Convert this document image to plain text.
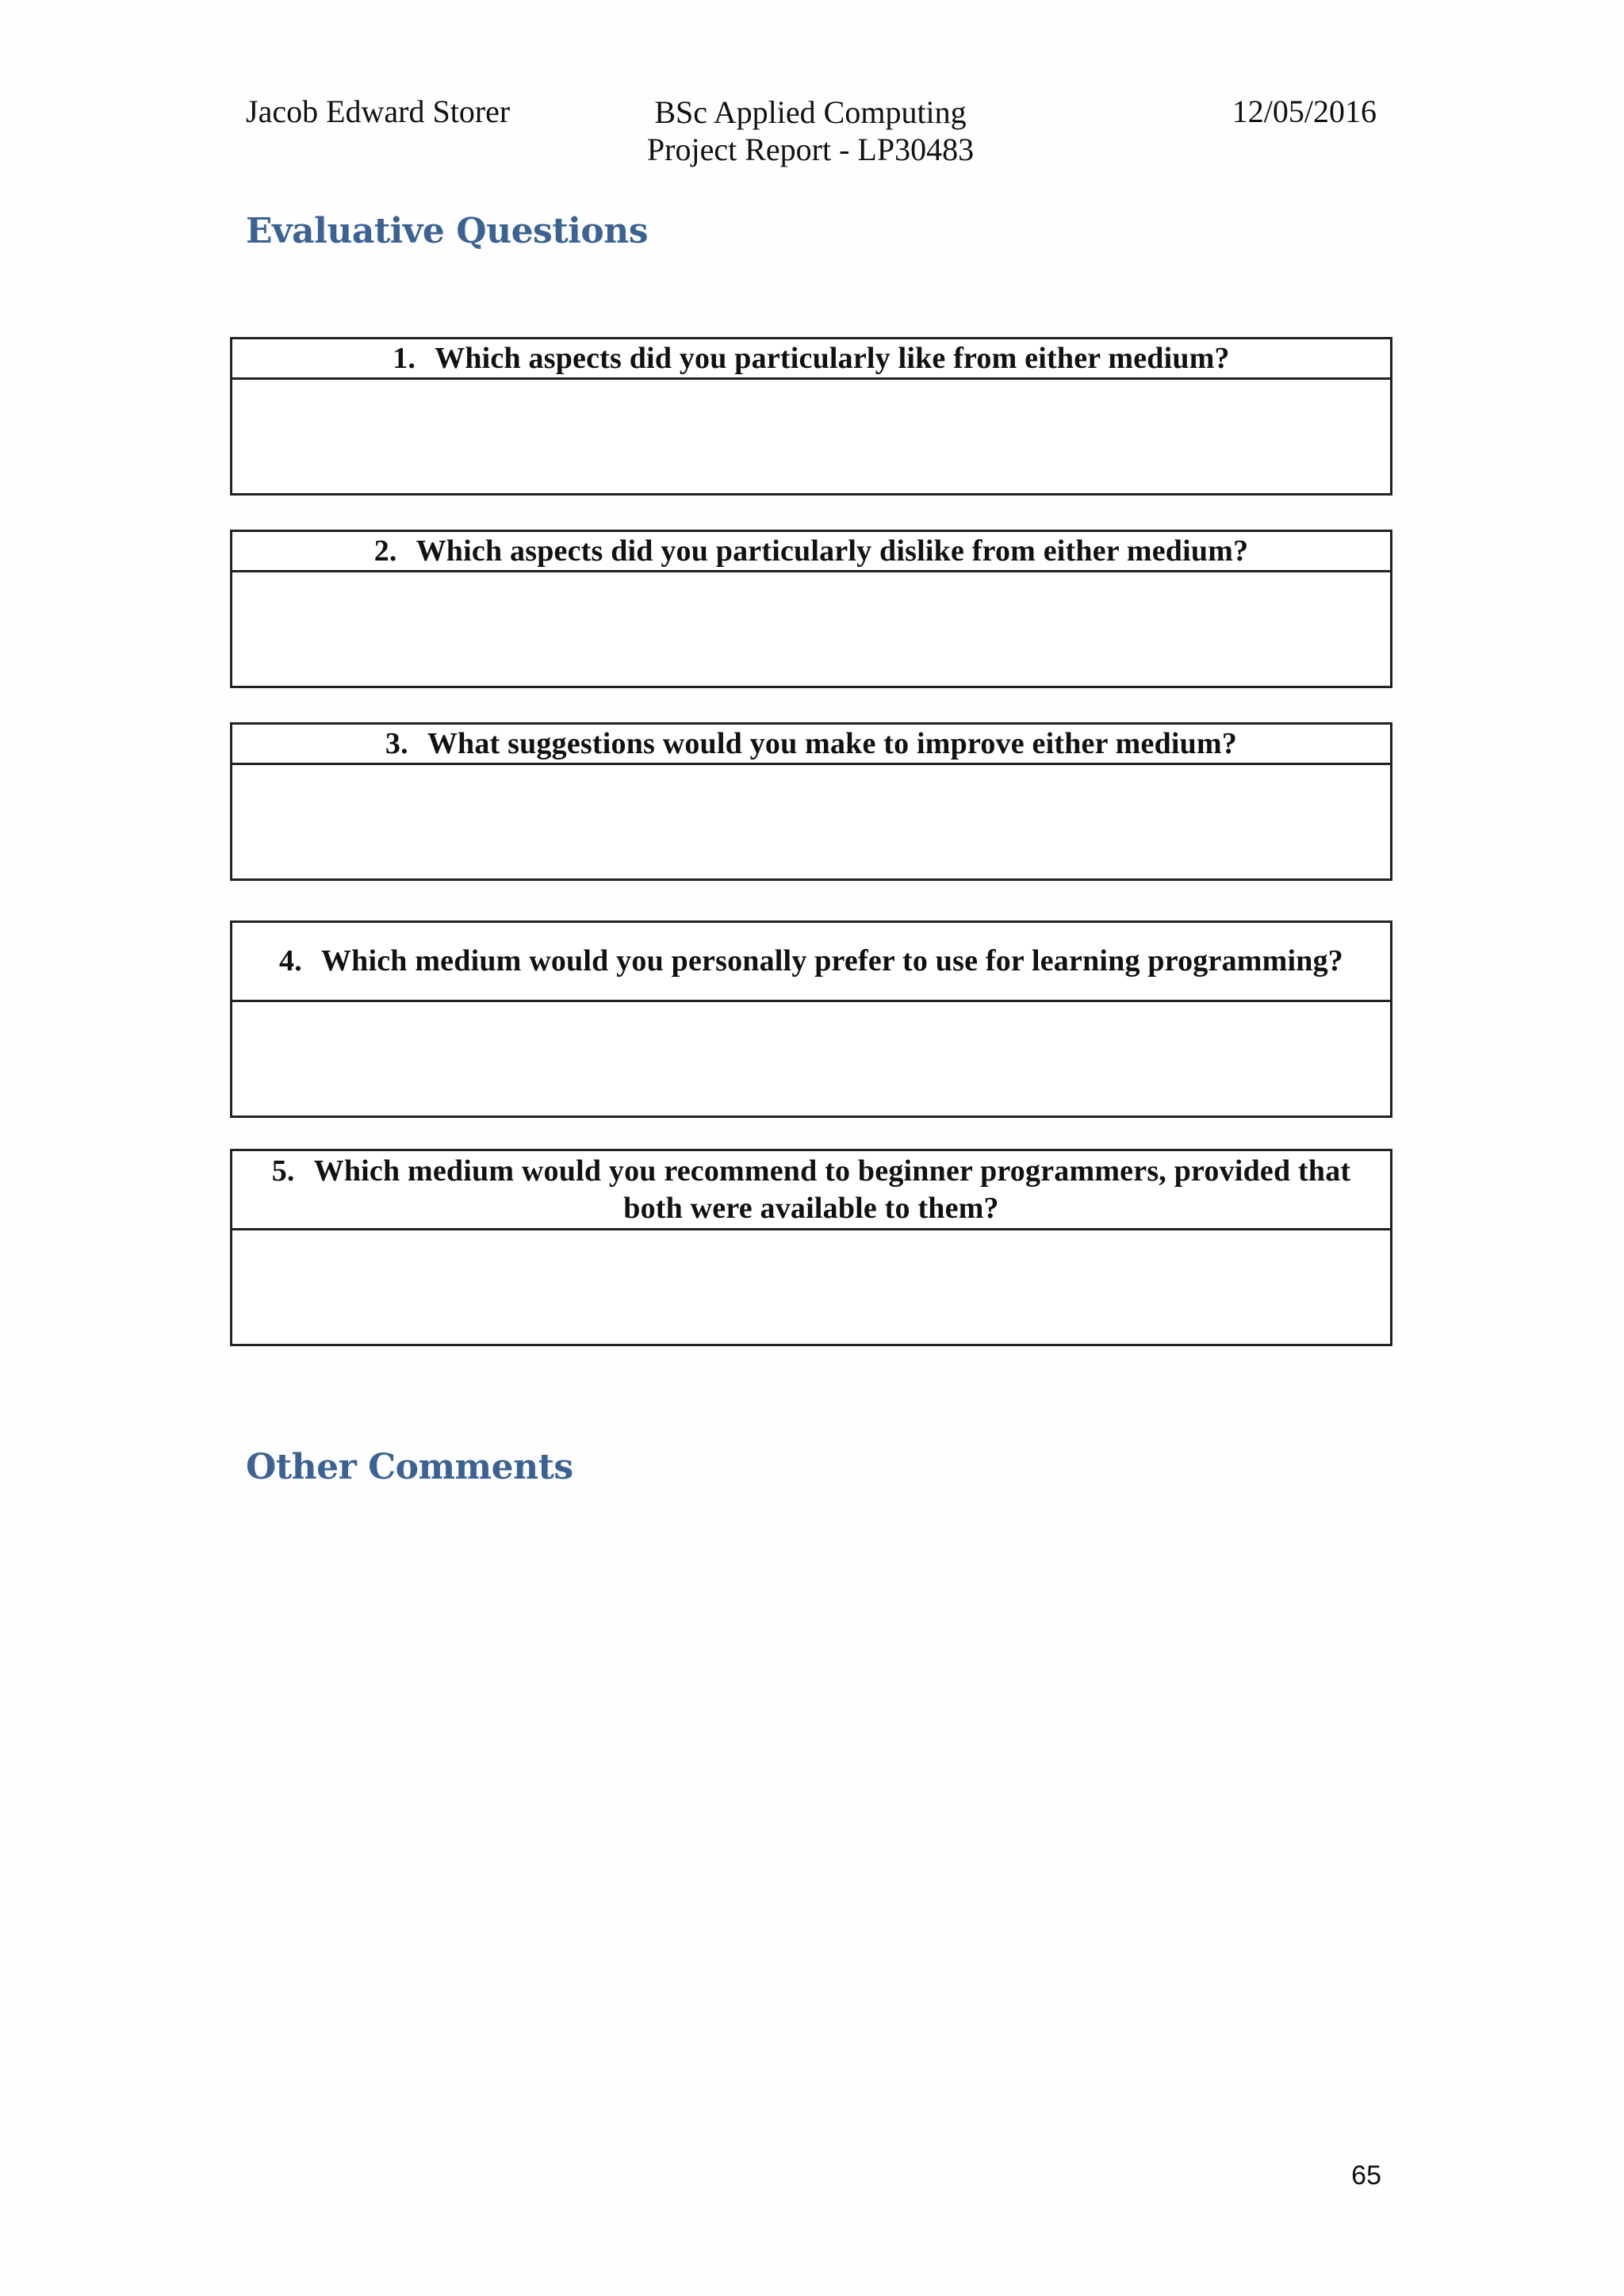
Jacob Edward Storer	BSc Applied Computing
Project Report - LP30483
12/05/2016
Evaluative Questions
1. Which aspects did you particularly like from either medium?
2. Which aspects did you particularly dislike from either medium?
3. What suggestions would you make to improve either medium?
4. Which medium would you personally prefer to use for learning programming?
5. Which medium would you recommend to beginner programmers, provided that both were available to them?
Other Comments
65
